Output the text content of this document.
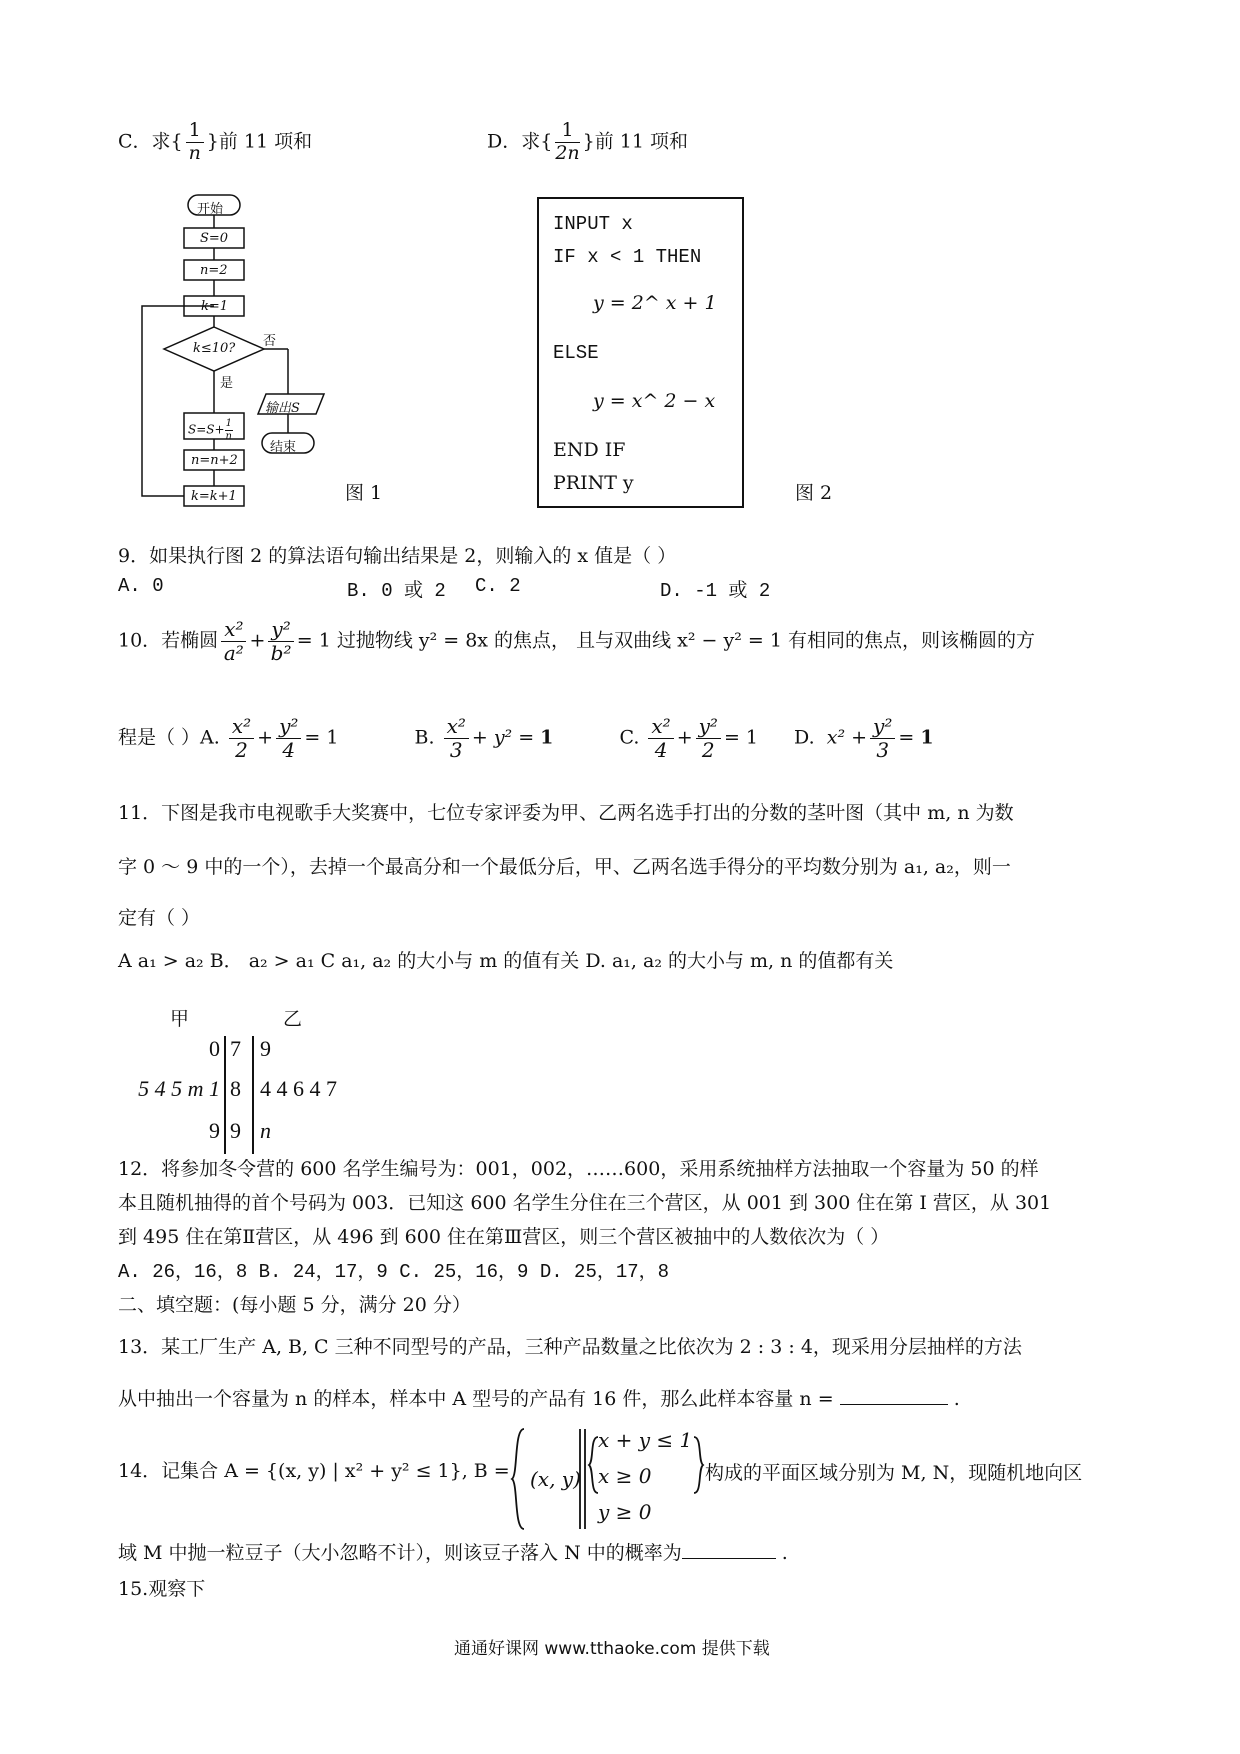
C．求{ $\frac{1}{n}$ }前 11 项和	D．求{ $\frac{1}{2n}$ }前 11 项和
开始
S=0
n=2
k=1
k≤10?
否
是
输出S
结束
$S=S+ \frac{1}{n}$
n=n+2
k=k+1	图 1
INPUT x
IF x < 1 THEN
y = 2^ x + 1
ELSE
y = x^ 2 − x
END IF
PRINT y	图 2
9．如果执行图 2 的算法语句输出结果是 2，则输入的 x 值是（ ）
A. 0	B. 0 或 2 C. 2	D. -1 或 2
10．若椭圆 $\frac{\text{x²}}{\text{a²}} + \frac{\text{y²}}{\text{b²}} = 1$ 过抛物线 y² = 8x 的焦点， 且与双曲线 x² − y² = 1 有相同的焦点，则该椭圆的方
程是（ ）A. $\frac{\text{x²}}{2} + \frac{\text{y²}}{4} = 1$	B. $\frac{\text{x²}}{3} + y^2 = 1$	C. $\frac{\text{x²}}{4} + \frac{\text{y²}}{2} = 1$ D.  $x^2 + \frac{\text{y²}}{3} = 1$
11．下图是我市电视歌手大奖赛中，七位专家评委为甲、乙两名选手打出的分数的茎叶图（其中 m, n 为数
字 0 ～ 9 中的一个），去掉一个最高分和一个最低分后，甲、乙两名选手得分的平均数分别为 a₁, a₂，则一
定有（ ）
A a₁ > a₂ B． a₂ > a₁ C a₁, a₂ 的大小与 m 的值有关 D. a₁, a₂ 的大小与 m, n 的值都有关
甲	乙
0 7 9
5 4 5 m 1 8 4 4 6 4 7
9 9 n
12．将参加冬令营的 600 名学生编号为：001，002，……600，采用系统抽样方法抽取一个容量为 50 的样
本且随机抽得的首个号码为 003．已知这 600 名学生分住在三个营区，从 001 到 300 住在第 I 营区，从 301
到 495 住在第Ⅱ营区，从 496 到 600 住在第Ⅲ营区，则三个营区被抽中的人数依次为（ ）
A. 26，16，8 B. 24，17，9 C. 25，16，9 D. 25，17，8
二、填空题：(每小题 5 分，满分 20 分）
13．某工厂生产 A, B, C 三种不同型号的产品，三种产品数量之比依次为 2 : 3 : 4，现采用分层抽样的方法
从中抽出一个容量为 n 的样本，样本中 A 型号的产品有 16 件，那么此样本容量 n =	.
14．记集合 A = {(x, y) | x² + y² ≤ 1}, B = (x, y)
x + y ≤ 1
x ≥ 0
y ≥ 0
构成的平面区域分别为 M, N，现随机地向区
域 M 中抛一粒豆子（大小忽略不计），则该豆子落入 N 中的概率为	.
15.观察下
通通好课网 www.tthaoke.com 提供下载
